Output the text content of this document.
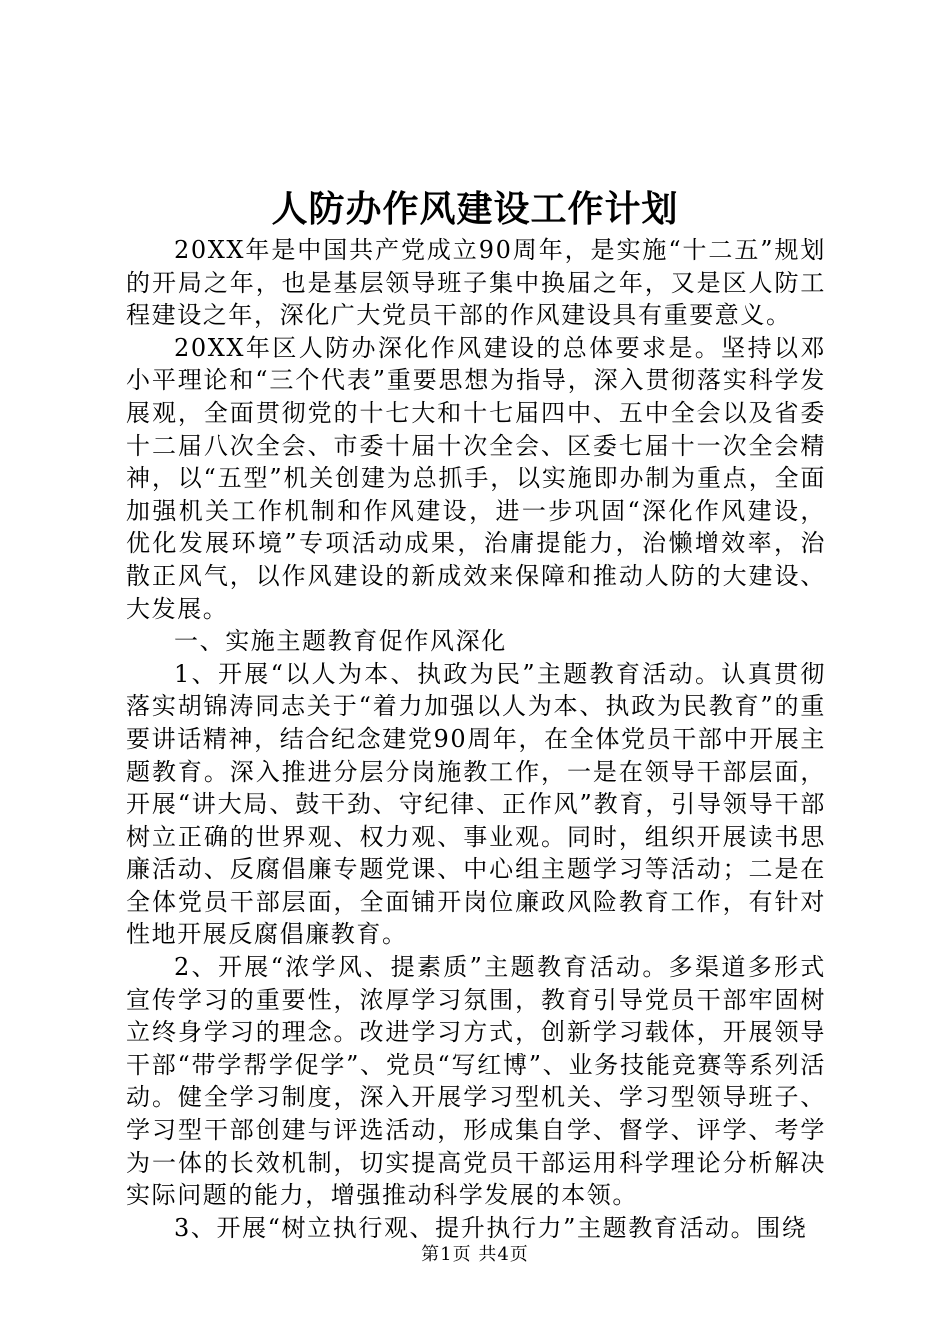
人防办作风建设工作计划

20XX年是中国共产党成立90周年，是实施“十二五”规划的开局之年，也是基层领导班子集中换届之年，又是区人防工程建设之年，深化广大党员干部的作风建设具有重要意义。

20XX年区人防办深化作风建设的总体要求是。坚持以邓小平理论和“三个代表”重要思想为指导，深入贯彻落实科学发展观，全面贯彻党的十七大和十七届四中、五中全会以及省委十二届八次全会、市委十届十次全会、区委七届十一次全会精神，以“五型”机关创建为总抓手，以实施即办制为重点，全面加强机关工作机制和作风建设，进一步巩固“深化作风建设，优化发展环境”专项活动成果，治庸提能力，治懒增效率，治散正风气，以作风建设的新成效来保障和推动人防的大建设、大发展。

一、实施主题教育促作风深化

1、开展“以人为本、执政为民”主题教育活动。认真贯彻落实胡锦涛同志关于“着力加强以人为本、执政为民教育”的重要讲话精神，结合纪念建党90周年，在全体党员干部中开展主题教育。深入推进分层分岗施教工作，一是在领导干部层面，开展“讲大局、鼓干劲、守纪律、正作风”教育，引导领导干部树立正确的世界观、权力观、事业观。同时，组织开展读书思廉活动、反腐倡廉专题党课、中心组主题学习等活动；二是在全体党员干部层面，全面铺开岗位廉政风险教育工作，有针对性地开展反腐倡廉教育。

2、开展“浓学风、提素质”主题教育活动。多渠道多形式宣传学习的重要性，浓厚学习氛围，教育引导党员干部牢固树立终身学习的理念。改进学习方式，创新学习载体，开展领导干部“带学帮学促学”、党员“写红博”、业务技能竞赛等系列活动。健全学习制度，深入开展学习型机关、学习型领导班子、学习型干部创建与评选活动，形成集自学、督学、评学、考学为一体的长效机制，切实提高党员干部运用科学理论分析解决实际问题的能力，增强推动科学发展的本领。

3、开展“树立执行观、提升执行力”主题教育活动。围绕

第1页 共4页
